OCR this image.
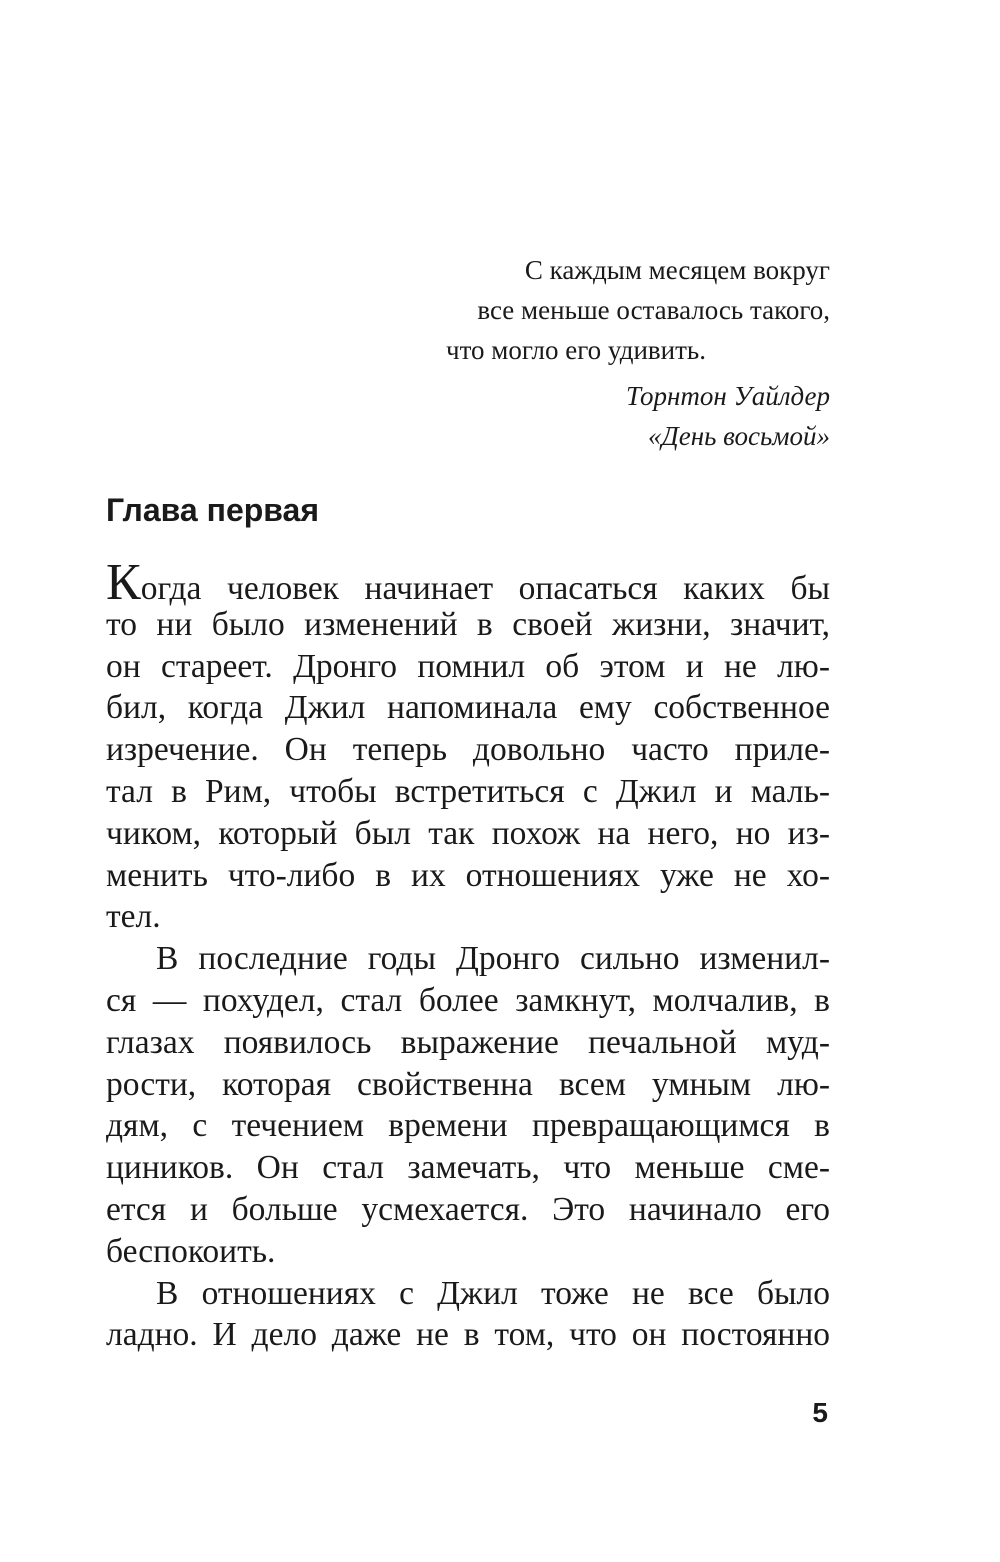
С каждым месяцем вокруг
все меньше оставалось такого,
что могло его удивить.
Торнтон Уайлдер
«День восьмой»
Глава первая
Когда человек начинает опасаться каких бы
то ни было изменений в своей жизни, значит,
он стареет. Дронго помнил об этом и не лю-
бил, когда Джил напоминала ему собственное
изречение. Он теперь довольно часто приле-
тал в Рим, чтобы встретиться с Джил и маль-
чиком, который был так похож на него, но из-
менить что-либо в их отношениях уже не хо-
тел.
В последние годы Дронго сильно изменил-
ся — похудел, стал более замкнут, молчалив, в
глазах появилось выражение печальной муд-
рости, которая свойственна всем умным лю-
дям, с течением времени превращающимся в
циников. Он стал замечать, что меньше сме-
ется и больше усмехается. Это начинало его
беспокоить.
В отношениях с Джил тоже не все было
ладно. И дело даже не в том, что он постоянно
5
